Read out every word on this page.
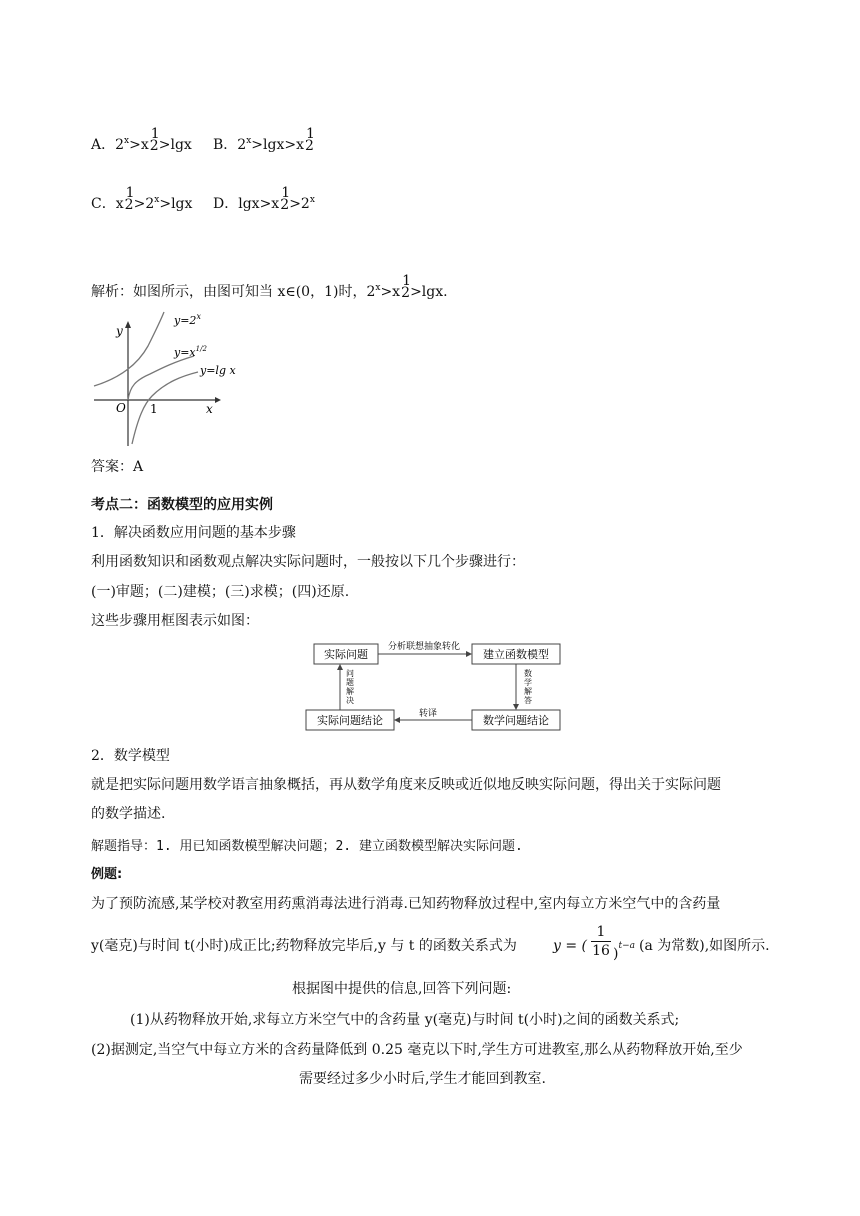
A．$2^x>x$
1
2 >lgx B．$2^x>\lg x>x$
1
2
C．x
1
$2 >2^x>\lg x$ D．lgx>x
1
$2 >2^x$
解析：如图所示，由图可知当 x∈(0，1)时，$2^x>x$
1
2 >lgx.
y
x
O 1
$y=2^x$
$y=x^{1/2}$
y=lg x
答案：A
考点二：函数模型的应用实例
1．解决函数应用问题的基本步骤
利用函数知识和函数观点解决实际问题时，一般按以下几个步骤进行：
(一)审题；(二)建模；(三)求模；(四)还原.
这些步骤用框图表示如图：
实际问题	建立函数模型
数学问题结论
实际问题结论
分析联想抽象转化
转译
数
学
解
答
问
题
解
决
2．数学模型
就是把实际问题用数学语言抽象概括，再从数学角度来反映或近似地反映实际问题，得出关于实际问题
的数学描述.
解题指导：1. 用已知函数模型解决问题；2. 建立函数模型解决实际问题.
例题:
为了预防流感,某学校对教室用药熏消毒法进行消毒.已知药物释放过程中,室内每立方米空气中的含药量
y(毫克)与时间 t(小时)成正比;药物释放完毕后,y 与 t 的函数关系式为	y = (
1
16 )$^{t-a}$ (a 为常数),如图所示.
根据图中提供的信息,回答下列问题:
(1)从药物释放开始,求每立方米空气中的含药量 y(毫克)与时间 t(小时)之间的函数关系式;
(2)据测定,当空气中每立方米的含药量降低到 0.25 毫克以下时,学生方可进教室,那么从药物释放开始,至少
需要经过多少小时后,学生才能回到教室.
